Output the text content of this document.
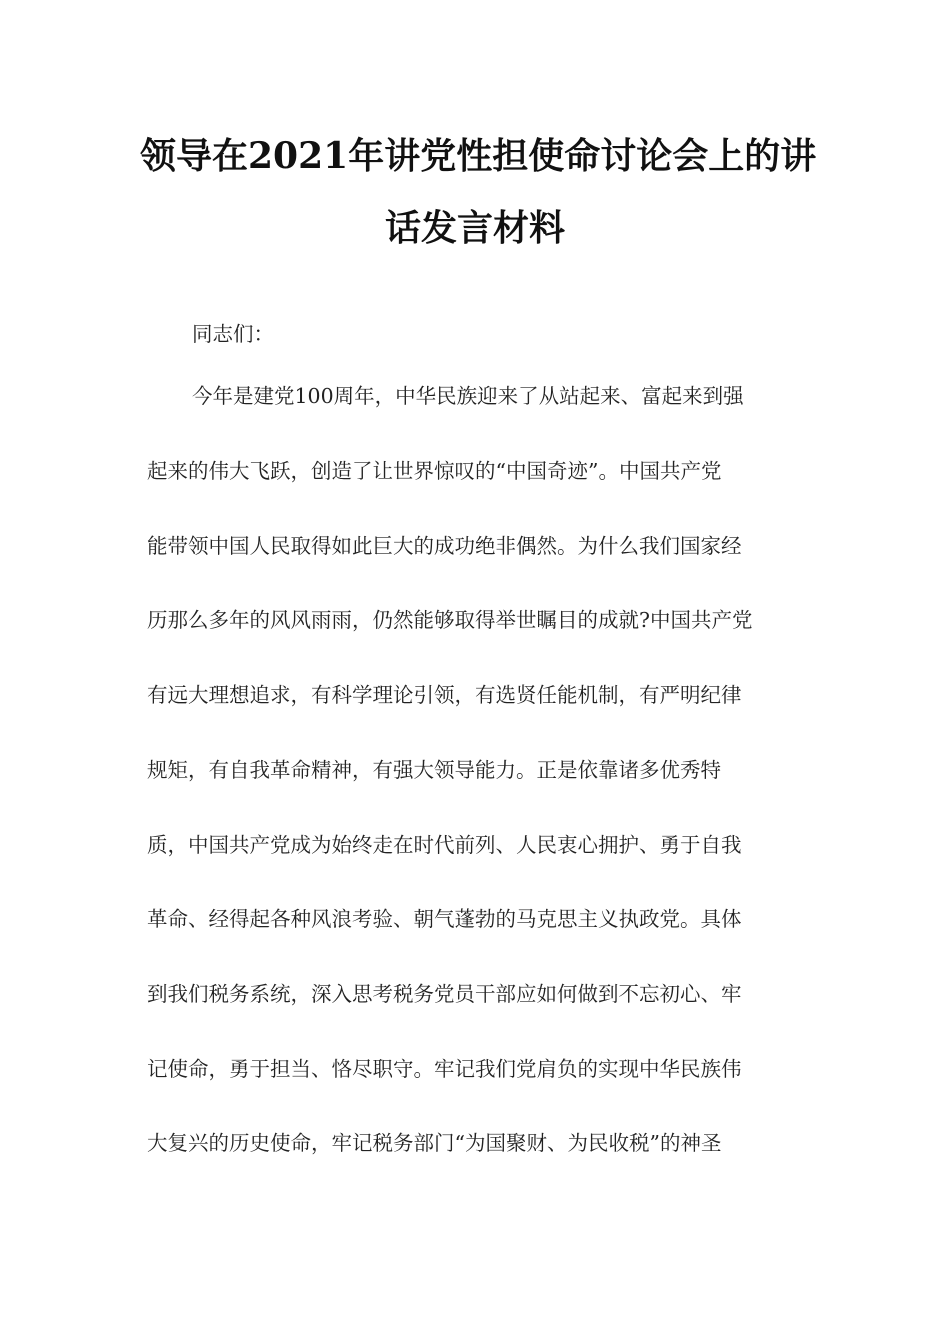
领导在2021年讲党性担使命讨论会上的讲
话发言材料
同志们：
今年是建党100周年，中华民族迎来了从站起来、富起来到强
起来的伟大飞跃，创造了让世界惊叹的“中国奇迹”。中国共产党
能带领中国人民取得如此巨大的成功绝非偶然。为什么我们国家经
历那么多年的风风雨雨，仍然能够取得举世瞩目的成就?中国共产党
有远大理想追求，有科学理论引领，有选贤任能机制，有严明纪律
规矩，有自我革命精神，有强大领导能力。正是依靠诸多优秀特
质，中国共产党成为始终走在时代前列、人民衷心拥护、勇于自我
革命、经得起各种风浪考验、朝气蓬勃的马克思主义执政党。具体
到我们税务系统，深入思考税务党员干部应如何做到不忘初心、牢
记使命，勇于担当、恪尽职守。牢记我们党肩负的实现中华民族伟
大复兴的历史使命，牢记税务部门“为国聚财、为民收税”的神圣
